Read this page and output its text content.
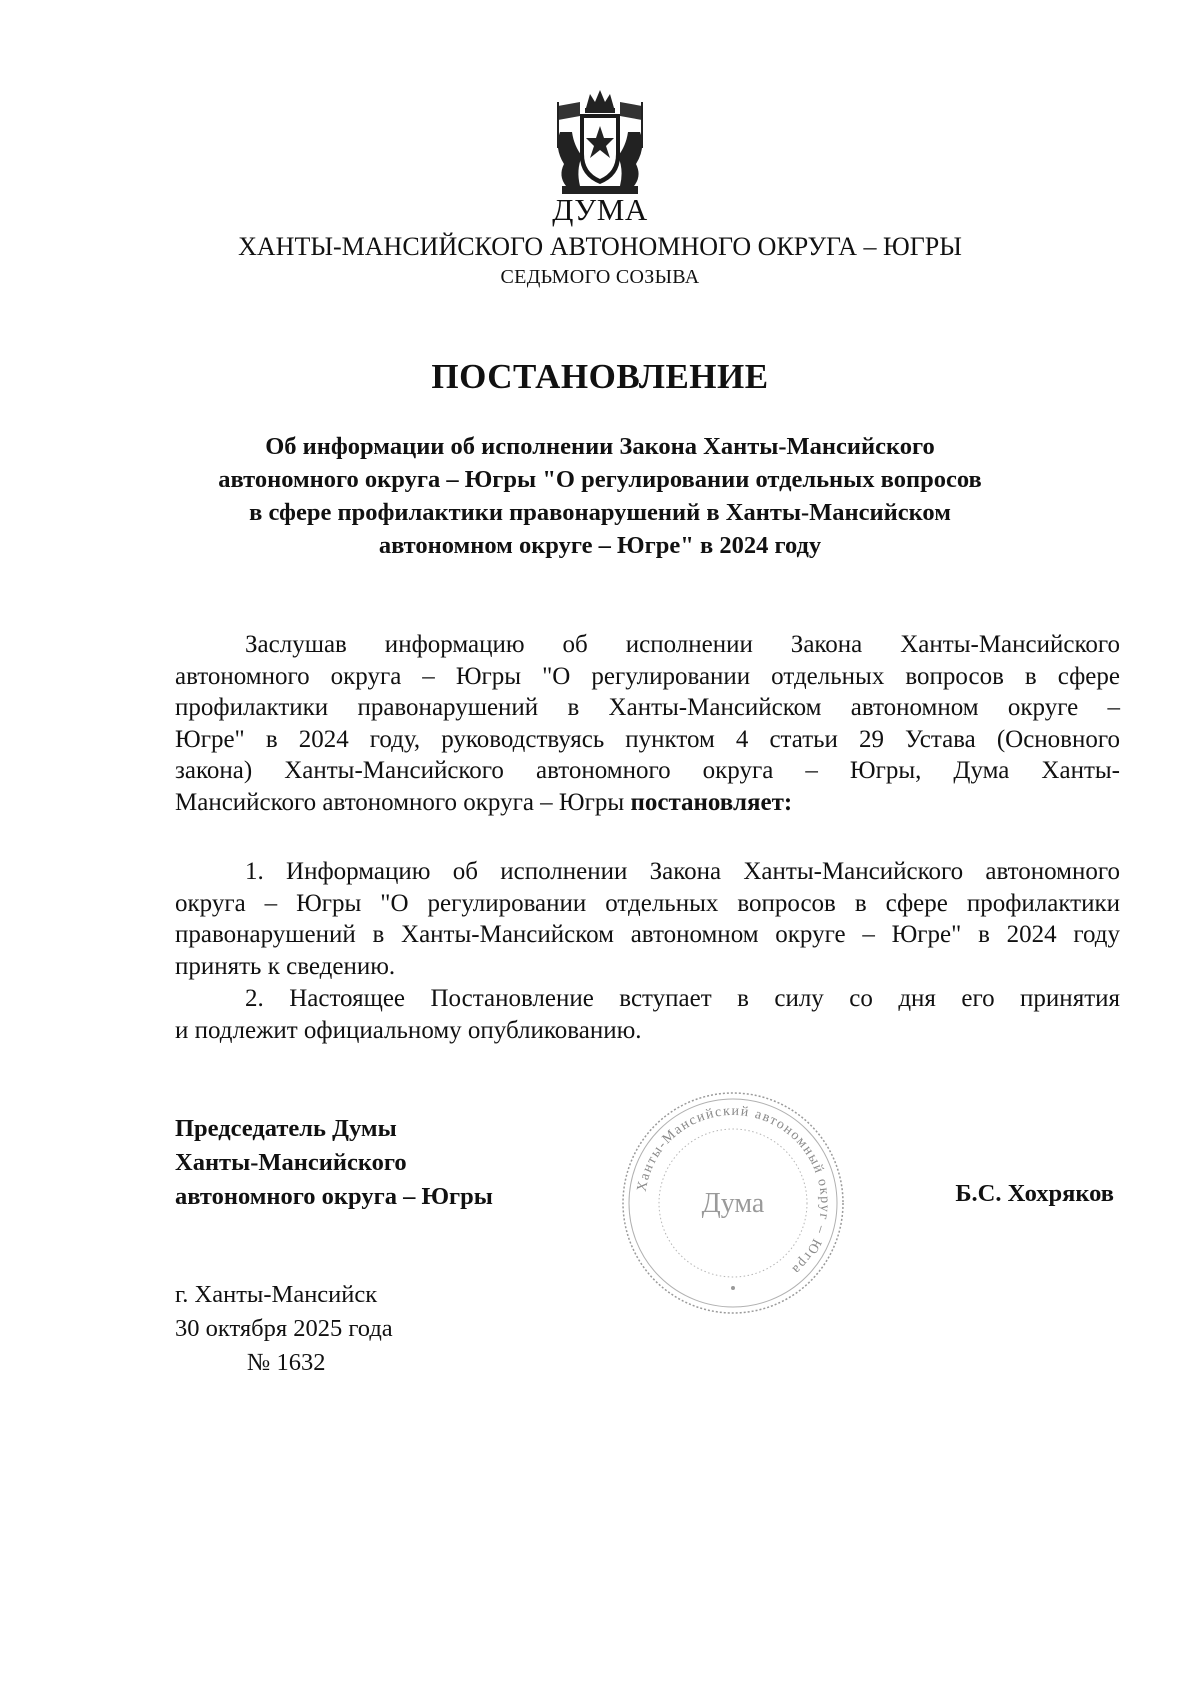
ДУМА
ХАНТЫ-МАНСИЙСКОГО АВТОНОМНОГО ОКРУГА – ЮГРЫ
СЕДЬМОГО СОЗЫВА
ПОСТАНОВЛЕНИЕ
Об информации об исполнении Закона Ханты-Мансийского
автономного округа – Югры "О регулировании отдельных вопросов
в сфере профилактики правонарушений в Ханты-Мансийском
автономном округе – Югре" в 2024 году
Заслушав информацию об исполнении Закона Ханты-Мансийского
автономного округа – Югры "О регулировании отдельных вопросов в сфере
профилактики правонарушений в Ханты-Мансийском автономном округе –
Югре" в 2024 году, руководствуясь пунктом 4 статьи 29 Устава (Основного
закона) Ханты-Мансийского автономного округа – Югры, Дума Ханты-
Мансийского автономного округа – Югры постановляет:
1. Информацию об исполнении Закона Ханты-Мансийского автономного
округа – Югры "О регулировании отдельных вопросов в сфере профилактики
правонарушений в Ханты-Мансийском автономном округе – Югре" в 2024 году
принять к сведению.
2. Настоящее Постановление вступает в силу со дня его принятия
и подлежит официальному опубликованию.
Председатель Думы
Ханты-Мансийского
автономного округа – Югры	Ханты-Мансийский автономный округ – Югра
Дума	Б.С. Хохряков
г. Ханты-Мансийск
30 октября 2025 года
№ 1632
